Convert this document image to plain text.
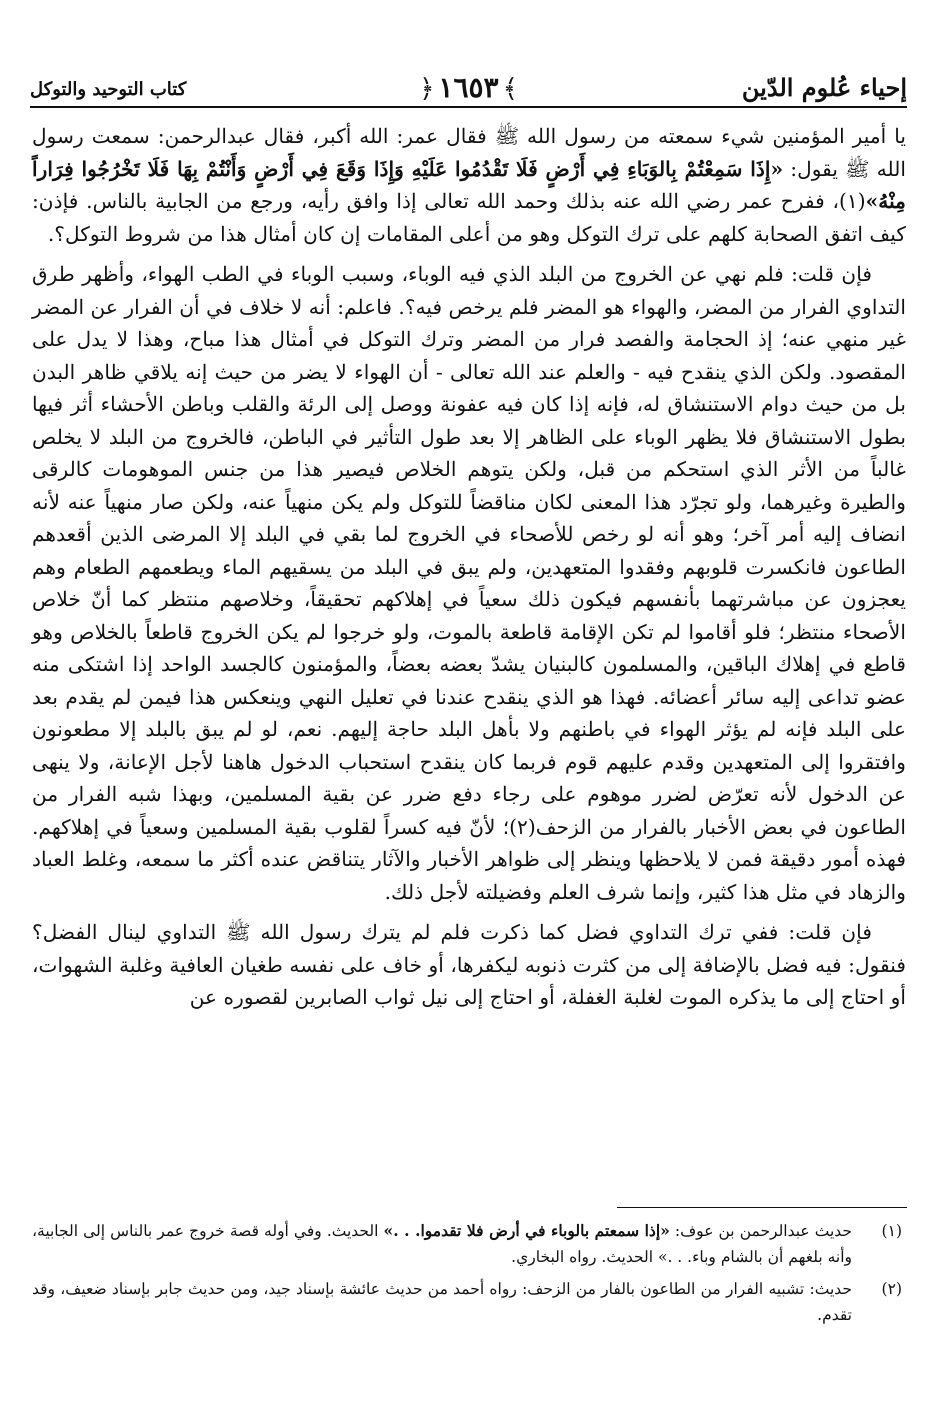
إحياء عُلوم الدّين
﴾١٦٥٣﴿
كتاب التوحيد والتوكل

يا أمير المؤمنين شيء سمعته من رسول الله ﷺ فقال عمر: الله أكبر، فقال عبدالرحمن: سمعت رسول الله ﷺ يقول: «إِذَا سَمِعْتُمْ بِالوَبَاءِ فِي أَرْضٍ فَلَا تَقْدُمُوا عَلَيْهِ وَإِذَا وَقَعَ فِي أَرْضٍ وَأَنْتُمْ بِهَا فَلَا تَخْرُجُوا فِرَاراً مِنْهُ»(١)، ففرح عمر رضي الله عنه بذلك وحمد الله تعالى إذا وافق رأيه، ورجع من الجابية بالناس. فإذن: كيف اتفق الصحابة كلهم على ترك التوكل وهو من أعلى المقامات إن كان أمثال هذا من شروط التوكل؟.

فإن قلت: فلم نهي عن الخروج من البلد الذي فيه الوباء، وسبب الوباء في الطب الهواء، وأظهر طرق التداوي الفرار من المضر، والهواء هو المضر فلم يرخص فيه؟. فاعلم: أنه لا خلاف في أن الفرار عن المضر غير منهي عنه؛ إذ الحجامة والفصد فرار من المضر وترك التوكل في أمثال هذا مباح، وهذا لا يدل على المقصود. ولكن الذي ينقدح فيه - والعلم عند الله تعالى - أن الهواء لا يضر من حيث إنه يلاقي ظاهر البدن بل من حيث دوام الاستنشاق له، فإنه إذا كان فيه عفونة ووصل إلى الرئة والقلب وباطن الأحشاء أثر فيها بطول الاستنشاق فلا يظهر الوباء على الظاهر إلا بعد طول التأثير في الباطن، فالخروج من البلد لا يخلص غالباً من الأثر الذي استحكم من قبل، ولكن يتوهم الخلاص فيصير هذا من جنس الموهومات كالرقى والطيرة وغيرهما، ولو تجرّد هذا المعنى لكان مناقضاً للتوكل ولم يكن منهياً عنه، ولكن صار منهياً عنه لأنه انضاف إليه أمر آخر؛ وهو أنه لو رخص للأصحاء في الخروج لما بقي في البلد إلا المرضى الذين أقعدهم الطاعون فانكسرت قلوبهم وفقدوا المتعهدين، ولم يبق في البلد من يسقيهم الماء ويطعمهم الطعام وهم يعجزون عن مباشرتهما بأنفسهم فيكون ذلك سعياً في إهلاكهم تحقيقاً، وخلاصهم منتظر كما أنّ خلاص الأصحاء منتظر؛ فلو أقاموا لم تكن الإقامة قاطعة بالموت، ولو خرجوا لم يكن الخروج قاطعاً بالخلاص وهو قاطع في إهلاك الباقين، والمسلمون كالبنيان يشدّ بعضه بعضاً، والمؤمنون كالجسد الواحد إذا اشتكى منه عضو تداعى إليه سائر أعضائه. فهذا هو الذي ينقدح عندنا في تعليل النهي وينعكس هذا فيمن لم يقدم بعد على البلد فإنه لم يؤثر الهواء في باطنهم ولا بأهل البلد حاجة إليهم. نعم، لو لم يبق بالبلد إلا مطعونون وافتقروا إلى المتعهدين وقدم عليهم قوم فربما كان ينقدح استحباب الدخول هاهنا لأجل الإعانة، ولا ينهى عن الدخول لأنه تعرّض لضرر موهوم على رجاء دفع ضرر عن بقية المسلمين، وبهذا شبه الفرار من الطاعون في بعض الأخبار بالفرار من الزحف(٢)؛ لأنّ فيه كسراً لقلوب بقية المسلمين وسعياً في إهلاكهم. فهذه أمور دقيقة فمن لا يلاحظها وينظر إلى ظواهر الأخبار والآثار يتناقض عنده أكثر ما سمعه، وغلط العباد والزهاد في مثل هذا كثير، وإنما شرف العلم وفضيلته لأجل ذلك.

فإن قلت: ففي ترك التداوي فضل كما ذكرت فلم لم يترك رسول الله ﷺ التداوي لينال الفضل؟ فنقول: فيه فضل بالإضافة إلى من كثرت ذنوبه ليكفرها، أو خاف على نفسه طغيان العافية وغلبة الشهوات، أو احتاج إلى ما يذكره الموت لغلبة الغفلة، أو احتاج إلى نيل ثواب الصابرين لقصوره عن

(١)
حديث عبدالرحمن بن عوف: «إذا سمعتم بالوباء في أرض فلا تقدموا. . .» الحديث. وفي أوله قصة خروج عمر بالناس إلى الجابية، وأنه بلغهم أن بالشام وباء. . .» الحديث. رواه البخاري.
(٢)
حديث: تشبيه الفرار من الطاعون بالفار من الزحف: رواه أحمد من حديث عائشة بإسناد جيد، ومن حديث جابر بإسناد ضعيف، وقد تقدم.
